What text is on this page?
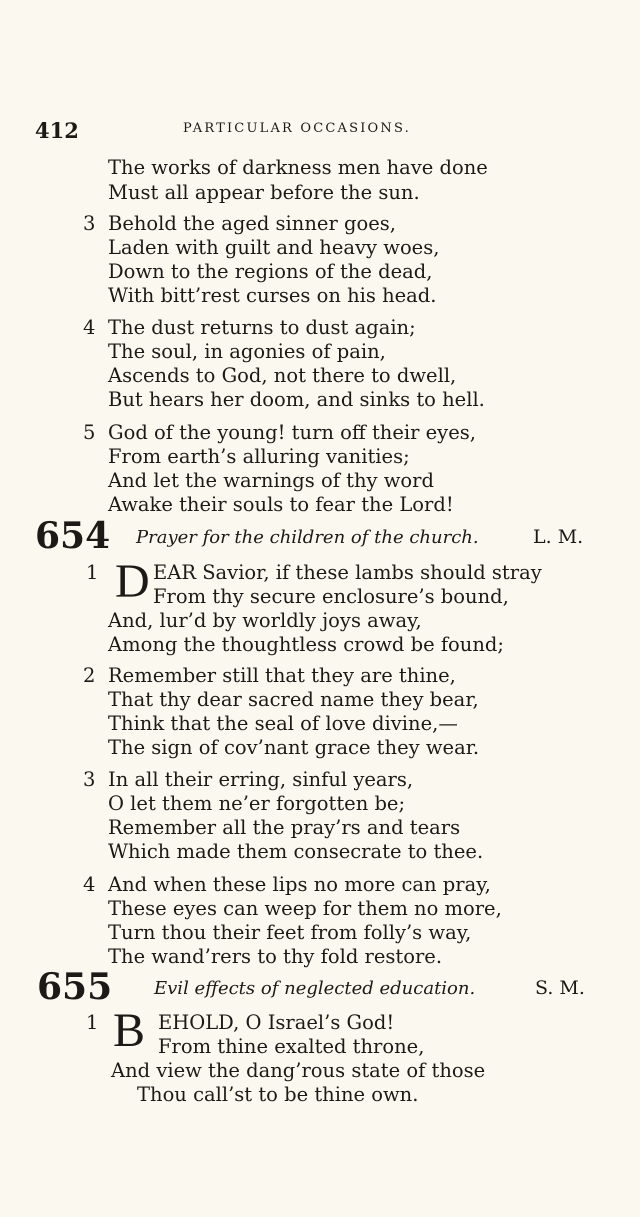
412	PARTICULAR OCCASIONS.
The works of darkness men have done
Must all appear before the sun.
3 Behold the aged sinner goes,
Laden with guilt and heavy woes,
Down to the regions of the dead,
With bitt’rest curses on his head.
4 The dust returns to dust again;
The soul, in agonies of pain,
Ascends to God, not there to dwell,
But hears her doom, and sinks to hell.
5 God of the young! turn off their eyes,
From earth’s alluring vanities;
And let the warnings of thy word
Awake their souls to fear the Lord!
654 Prayer for the children of the church.	L. M.
1 D EAR Savior, if these lambs should stray
From thy secure enclosure’s bound,
And, lur’d by worldly joys away,
Among the thoughtless crowd be found;
2 Remember still that they are thine,
That thy dear sacred name they bear,
Think that the seal of love divine,—
The sign of cov’nant grace they wear.
3 In all their erring, sinful years,
O let them ne’er forgotten be;
Remember all the pray’rs and tears
Which made them consecrate to thee.
4 And when these lips no more can pray,
These eyes can weep for them no more,
Turn thou their feet from folly’s way,
The wand’rers to thy fold restore.
655 Evil effects of neglected education.	S. M.
1 B EHOLD, O Israel’s God!
From thine exalted throne,
And view the dang’rous state of those
Thou call’st to be thine own.
